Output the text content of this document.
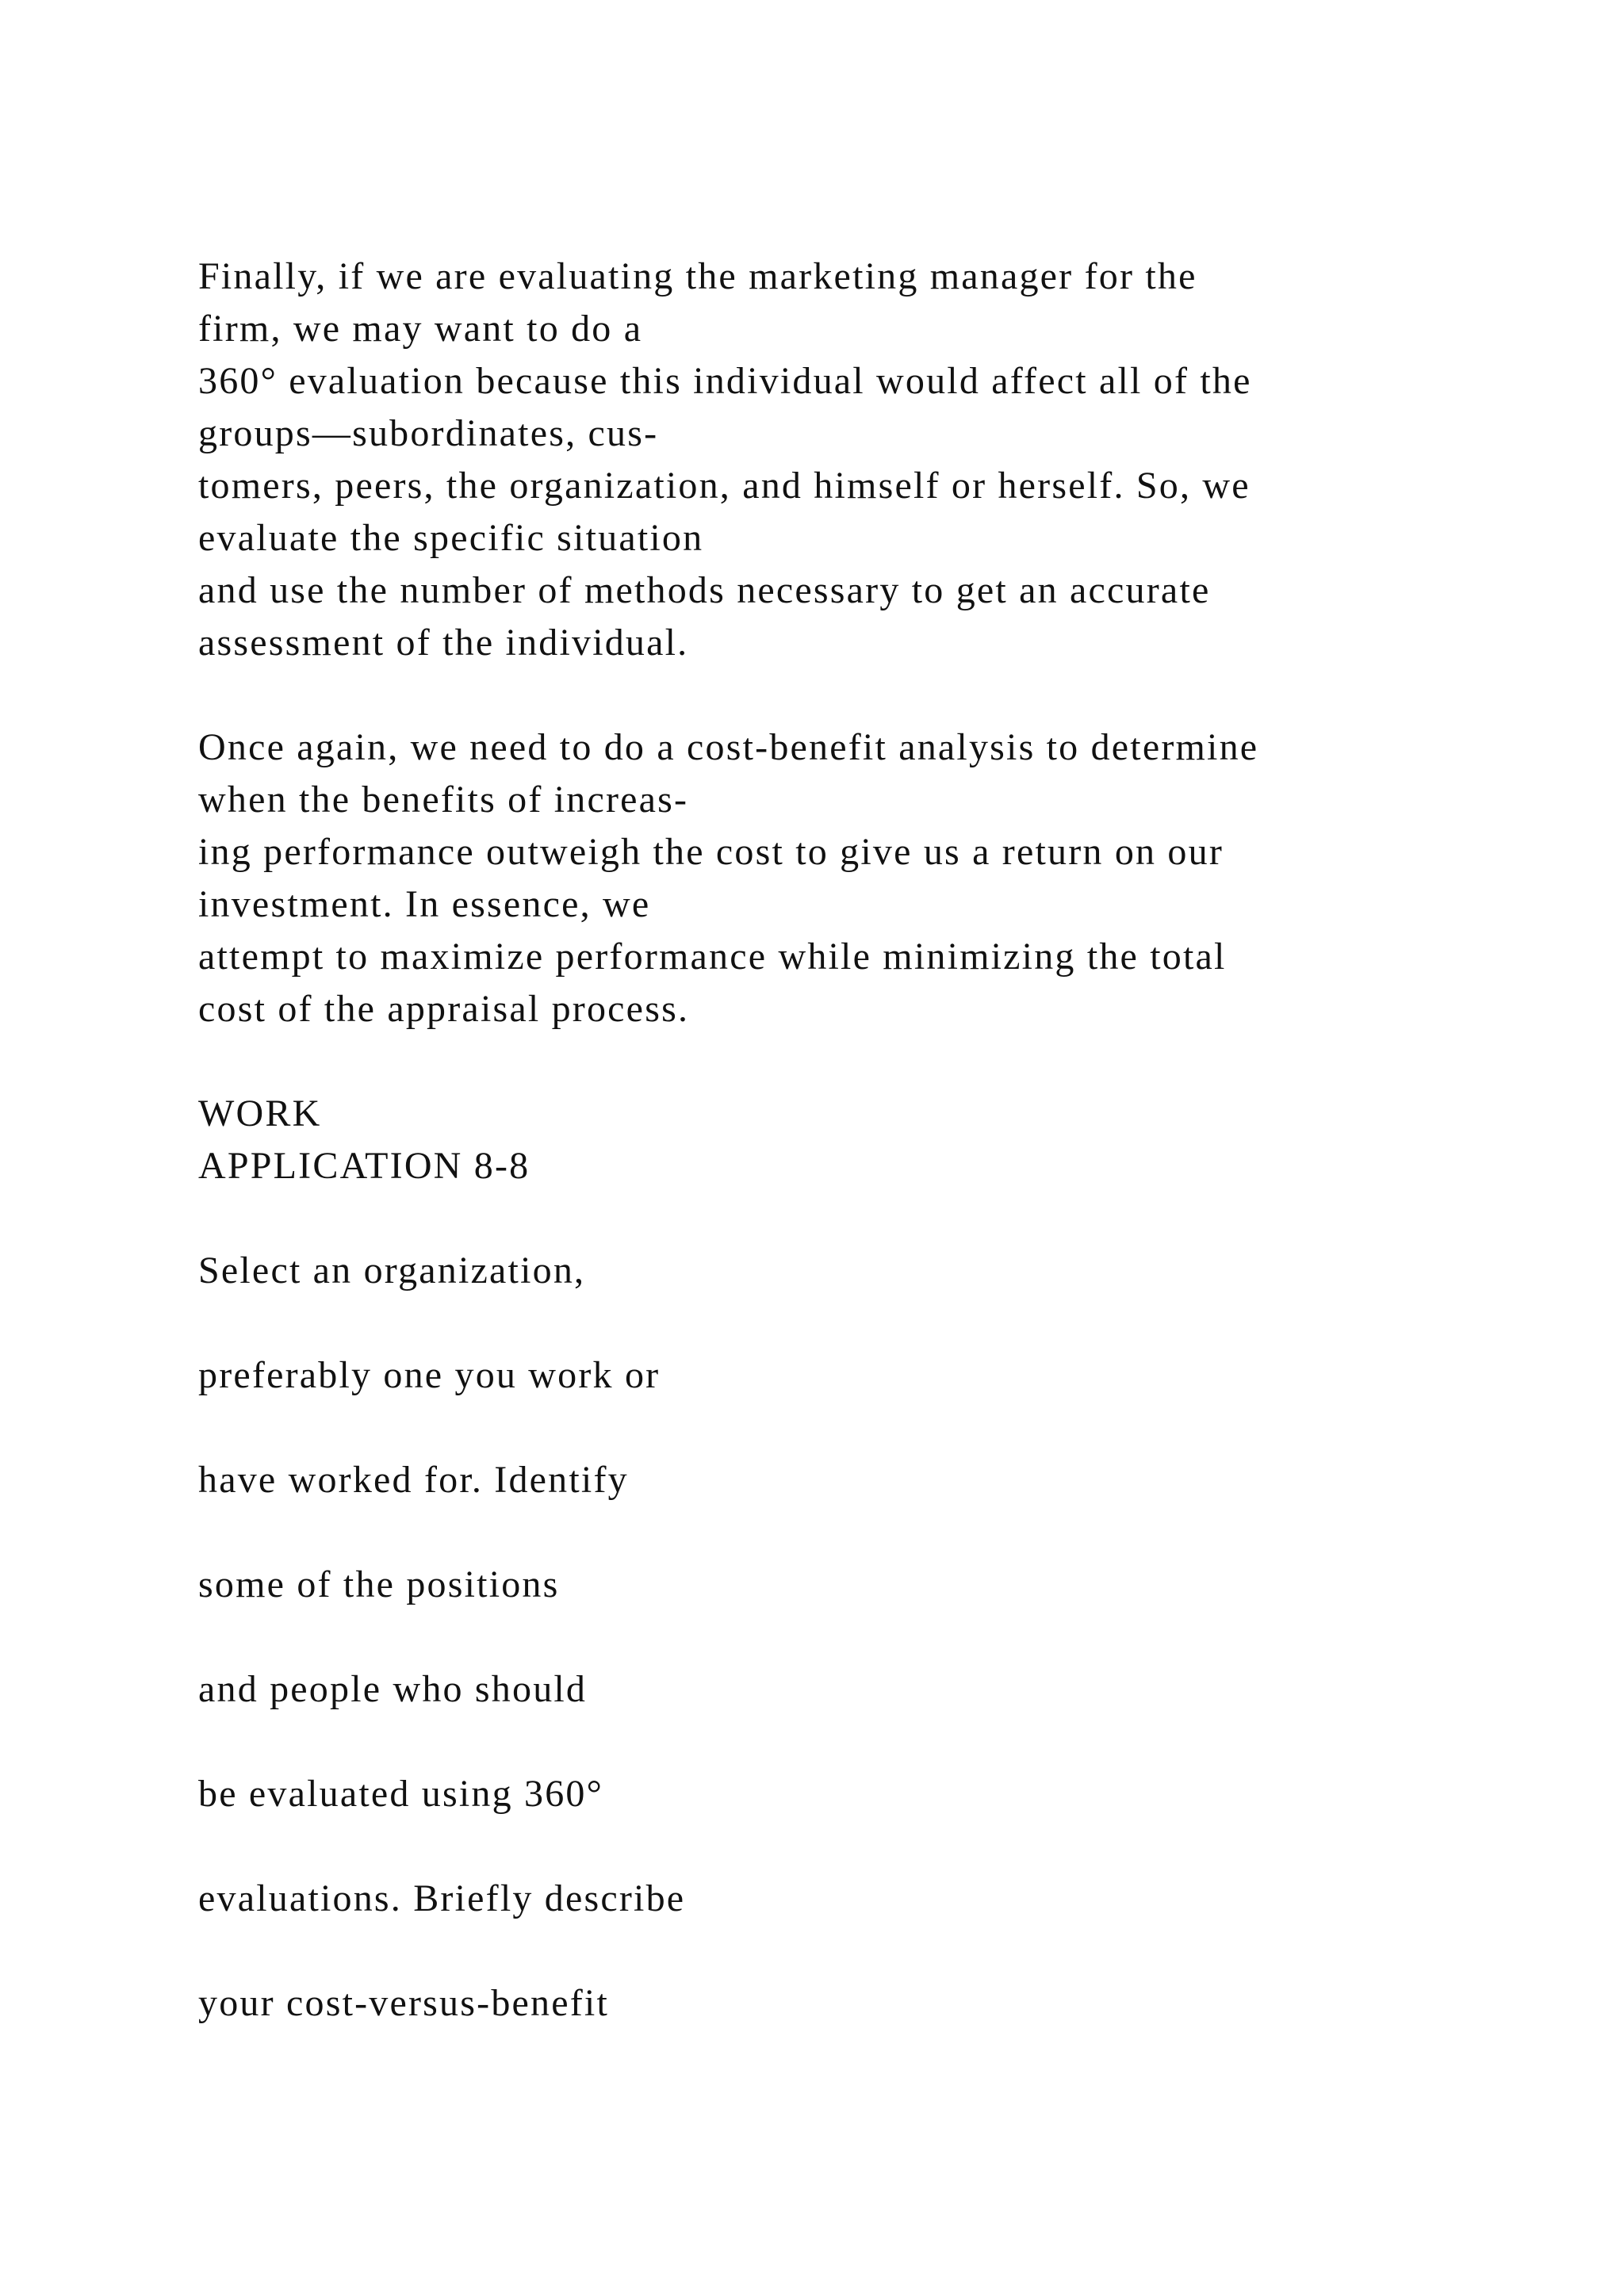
Finally, if we are evaluating the marketing manager for the
firm, we may want to do a
360° evaluation because this individual would affect all of the
groups—subordinates, cus-
tomers, peers, the organization, and himself or herself. So, we
evaluate the specific situation
and use the number of methods necessary to get an accurate
assessment of the individual.
Once again, we need to do a cost-benefit analysis to determine
when the benefits of increas-
ing performance outweigh the cost to give us a return on our
investment. In essence, we
attempt to maximize performance while minimizing the total
cost of the appraisal process.
WORK
APPLICATION 8-8
Select an organization,
preferably one you work or
have worked for. Identify
some of the positions
and people who should
be evaluated using 360°
evaluations. Briefly describe
your cost-versus-benefit
